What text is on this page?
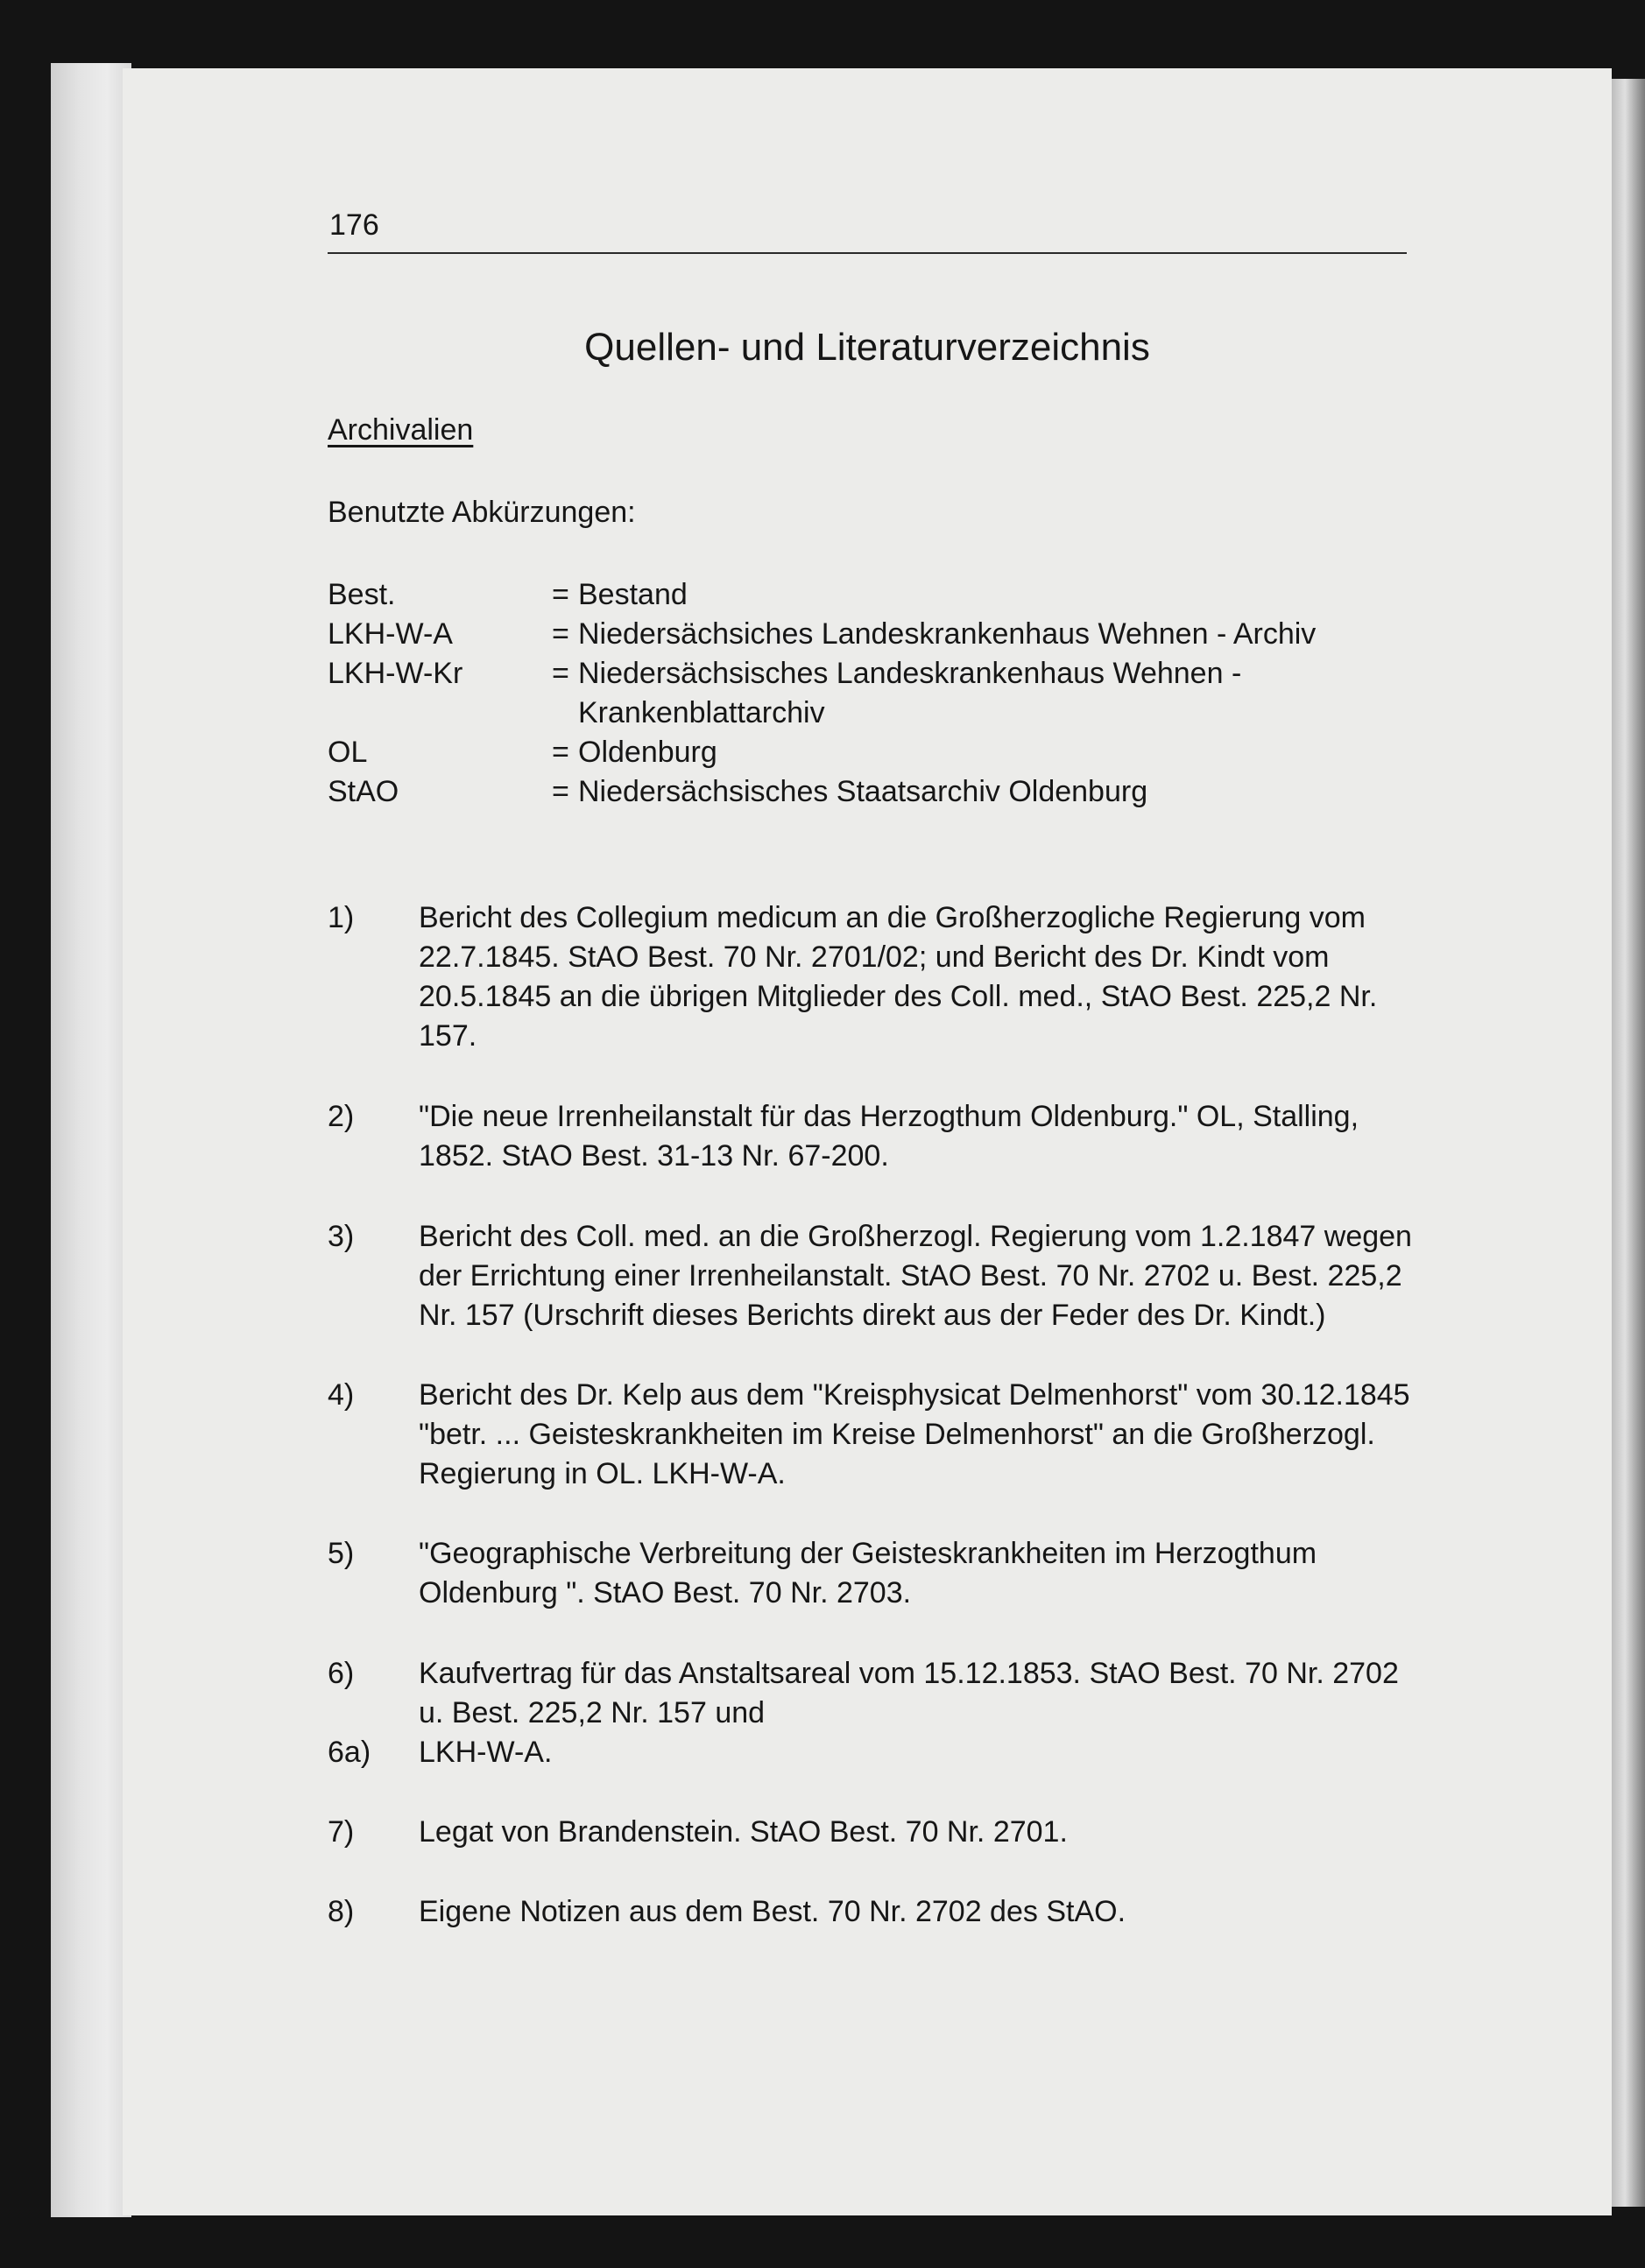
176
Quellen- und Literaturverzeichnis
Archivalien
Benutzte Abkürzungen:
Best.	= Bestand
LKH-W-A	= Niedersächsiches Landeskrankenhaus Wehnen - Archiv
LKH-W-Kr	= Niedersächsisches Landeskrankenhaus Wehnen -
Krankenblattarchiv
OL	= Oldenburg
StAO	= Niedersächsisches Staatsarchiv Oldenburg
1)	Bericht des Collegium medicum an die Großherzogliche Regierung vom 22.7.1845. StAO Best. 70 Nr. 2701/02; und Bericht des Dr. Kindt vom 20.5.1845 an die übrigen Mitglieder des Coll. med., StAO Best. 225,2 Nr. 157.
2)	"Die neue Irrenheilanstalt für das Herzogthum Oldenburg." OL, Stalling, 1852. StAO Best. 31-13 Nr. 67-200.
3)	Bericht des Coll. med. an die Großherzogl. Regierung vom 1.2.1847 wegen der Errichtung einer Irrenheilanstalt. StAO Best. 70 Nr. 2702 u. Best. 225,2 Nr. 157 (Urschrift dieses Berichts direkt aus der Feder des Dr. Kindt.)
4)	Bericht des Dr. Kelp aus dem "Kreisphysicat Delmenhorst" vom 30.12.1845 "betr. ... Geisteskrankheiten im Kreise Delmenhorst" an die Großherzogl. Regierung in OL. LKH-W-A.
5)	"Geographische Verbreitung der Geisteskrankheiten im Herzogthum Oldenburg ". StAO Best. 70 Nr. 2703.
6)	Kaufvertrag für das Anstaltsareal vom 15.12.1853. StAO Best. 70 Nr. 2702 u. Best. 225,2 Nr. 157 und
6a)	LKH-W-A.
7)	Legat von Brandenstein. StAO Best. 70 Nr. 2701.
8)	Eigene Notizen aus dem Best. 70 Nr. 2702 des StAO.
